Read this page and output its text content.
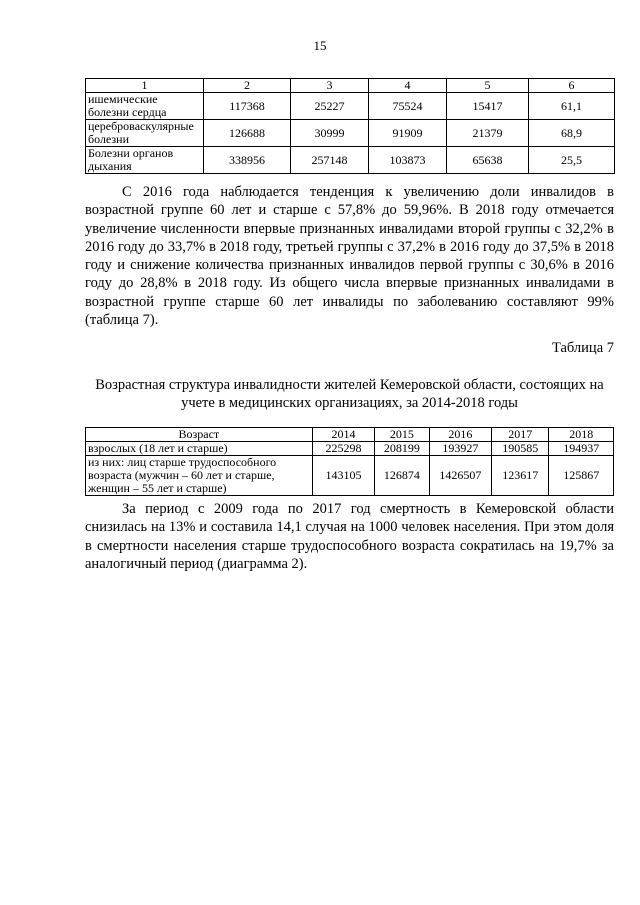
15
1	2	3	4	5	6
ишемические болезни сердца	117368	25227	75524	15417	61,1
цереброваскулярные болезни	126688	30999	91909	21379	68,9
Болезни органов дыхания	338956	257148	103873	65638	25,5

С 2016 года наблюдается тенденция к увеличению доли инвалидов в возрастной группе 60 лет и старше с 57,8% до 59,96%. В 2018 году отмечается увеличение численности впервые признанных инвалидами второй группы с 32,2% в 2016 году до 33,7% в 2018 году, третьей группы с 37,2% в 2016 году до 37,5% в 2018 году и снижение количества признанных инвалидов первой группы с 30,6% в 2016 году до 28,8% в 2018 году. Из общего числа впервые признанных инвалидами в возрастной группе старше 60 лет инвалиды по заболеванию составляют 99% (таблица 7).

Таблица 7
Возрастная структура инвалидности жителей Кемеровской области, состоящих на учете в медицинских организациях, за 2014-2018 годы
Возраст	2014	2015	2016	2017	2018
взрослых (18 лет и старше)	225298	208199	193927	190585	194937
из них: лиц старше трудоспособного возраста (мужчин – 60 лет и старше, женщин – 55 лет и старше)	143105	126874	1426507	123617	125867

За период с 2009 года по 2017 год смертность в Кемеровской области снизилась на 13% и составила 14,1 случая на 1000 человек населения. При этом доля в смертности населения старше трудоспособного возраста сократилась на 19,7% за аналогичный период (диаграмма 2).
